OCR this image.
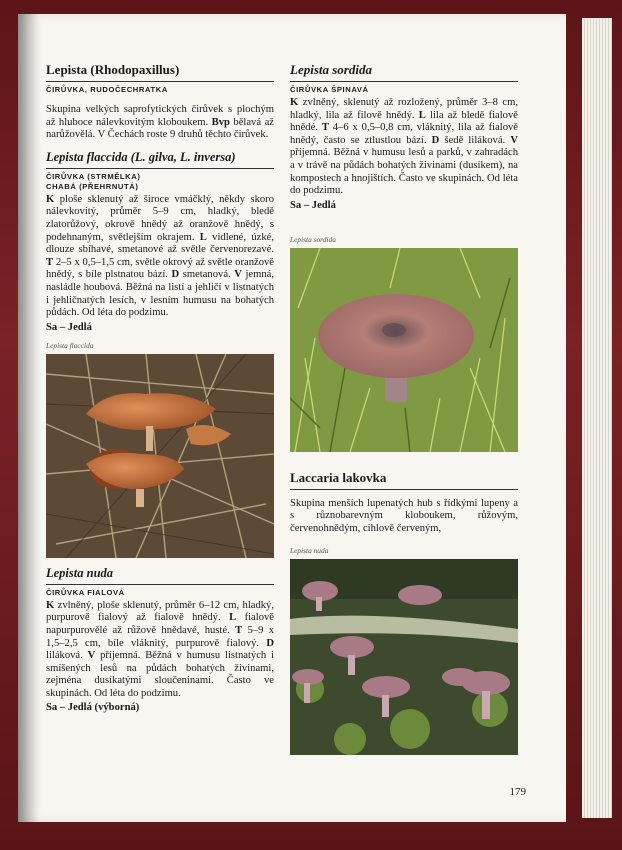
Lepista (Rhodopaxillus)
ČIRŮVKA, RUDOČECHRATKA

Skupina velkých saprofytických čirůvek s plochým až hluboce nálevkovitým kloboukem. Bvp bělavá až narůžovělá. V Čechách roste 9 druhů těchto čirůvek.

Lepista flaccida (L. gilva, L. inversa)
ČIRŮVKA (STRMĚLKA)
CHABÁ (PŘEHRNUTÁ)

K ploše sklenutý až široce vmáčklý, někdy skoro nálevkovitý, průměr 5–9 cm, hladký, bledě zlatorůžový, okrově hnědý až oranžově hnědý, s podehnaným, světlejším okrajem. L vidlené, úzké, dlouze sbíhavé, smetanové až světle červenorezavé. T 2–5 x 0,5–1,5 cm, světle okrový až světle oranžově hnědý, s bíle plstnatou bází. D smetanová. V jemná, nasládle houbová. Běžná na listí a jehličí v listnatých i jehličnatých lesích, v lesním humusu na bohatých půdách. Od léta do podzimu.

Sa – Jedlá
Lepista flaccida
Lepista nuda
ČIRŮVKA FIALOVÁ

K zvlněný, ploše sklenutý, průměr 6–12 cm, hladký, purpurově fialový až fialově hnědý. L fialově napurpurovělé až růžově hnědavé, husté. T 5–9 x 1,5–2,5 cm, bíle vláknitý, purpurově fialový. D liláková. V příjemná. Běžná v humusu listnatých i smíšených lesů na půdách bohatých živinami, zejména dusíkatými sloučeninami. Často ve skupinách. Od léta do podzimu.

Sa – Jedlá (výborná)
Lepista sordida
ČIRŮVKA ŠPINAVÁ

K zvlněný, sklenutý až rozložený, průměr 3–8 cm, hladký, lila až filově hnědý. L lila až bledě fialově hnědé. T 4–6 x 0,5–0,8 cm, vláknitý, lila až fialově hnědý, často se ztlustlou bází. D šedě liláková. V příjemná. Běžná v humusu lesů a parků, v zahradách a v trávě na půdách bohatých živinami (dusíkem), na kompostech a hnojištích. Často ve skupinách. Od léta do podzimu.

Sa – Jedlá
Lepista sordida
Laccaria lakovka

Skupina menších lupenatých hub s řídkými lupeny a s různobarevným kloboukem, růžovým, červenohnědým, cihlově červeným,

Lepista nuda
179
